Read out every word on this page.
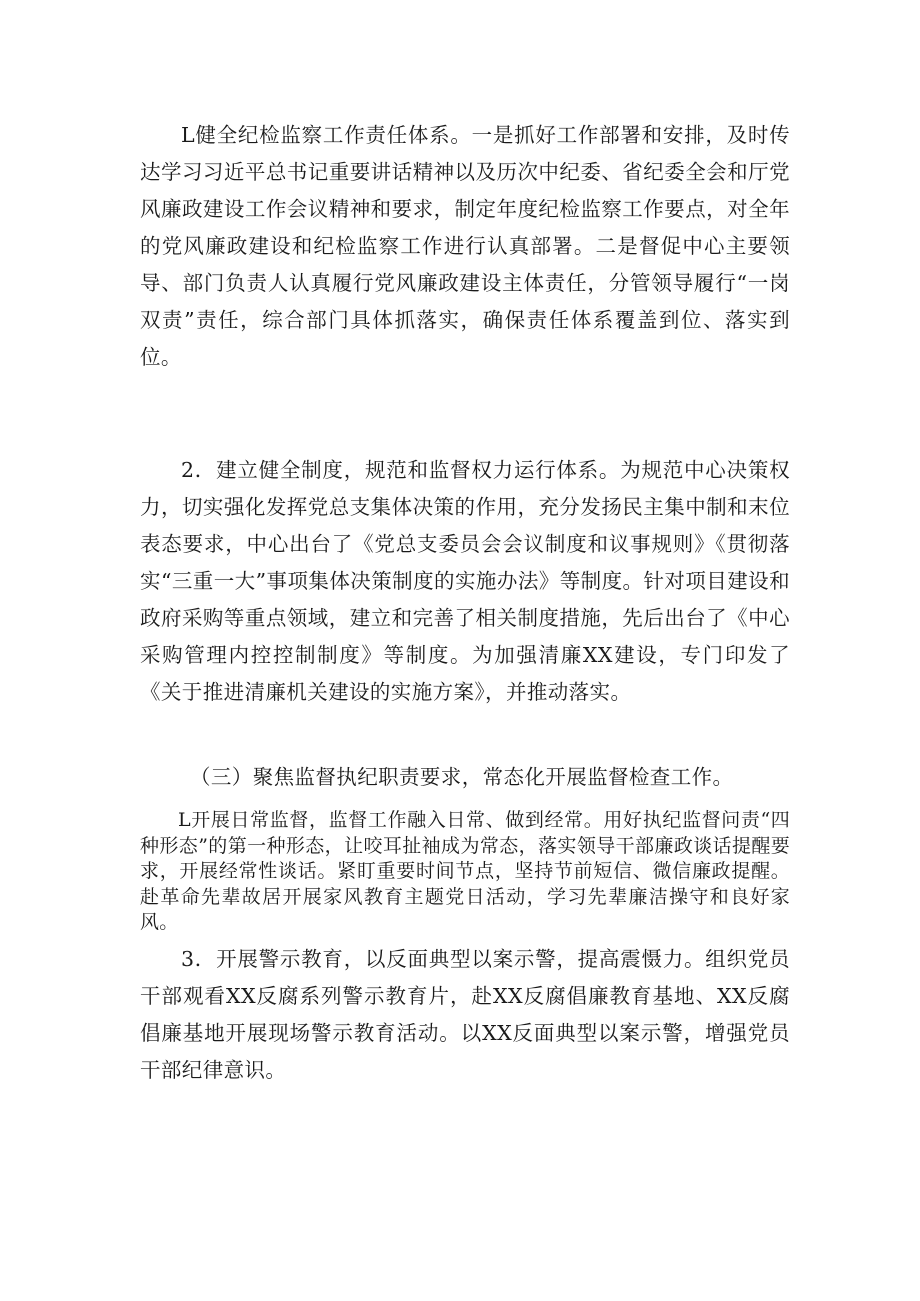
L健全纪检监察工作责任体系。一是抓好工作部署和安排，及时传达学习习近平总书记重要讲话精神以及历次中纪委、省纪委全会和厅党风廉政建设工作会议精神和要求，制定年度纪检监察工作要点，对全年的党风廉政建设和纪检监察工作进行认真部署。二是督促中心主要领导、部门负责人认真履行党风廉政建设主体责任，分管领导履行“一岗双责”责任，综合部门具体抓落实，确保责任体系覆盖到位、落实到位。

2．建立健全制度，规范和监督权力运行体系。为规范中心决策权力，切实强化发挥党总支集体决策的作用，充分发扬民主集中制和末位表态要求，中心出台了《党总支委员会会议制度和议事规则》《贯彻落实“三重一大”事项集体决策制度的实施办法》等制度。针对项目建设和政府采购等重点领域，建立和完善了相关制度措施，先后出台了《中心采购管理内控控制制度》等制度。为加强清廉XX建设，专门印发了《关于推进清廉机关建设的实施方案》，并推动落实。

（三）聚焦监督执纪职责要求，常态化开展监督检查工作。

L开展日常监督，监督工作融入日常、做到经常。用好执纪监督问责“四种形态”的第一种形态，让咬耳扯袖成为常态，落实领导干部廉政谈话提醒要求，开展经常性谈话。紧盯重要时间节点，坚持节前短信、微信廉政提醒。赴革命先辈故居开展家风教育主题党日活动，学习先辈廉洁操守和良好家风。

3．开展警示教育，以反面典型以案示警，提高震慑力。组织党员干部观看XX反腐系列警示教育片，赴XX反腐倡廉教育基地、XX反腐倡廉基地开展现场警示教育活动。以XX反面典型以案示警，增强党员干部纪律意识。
